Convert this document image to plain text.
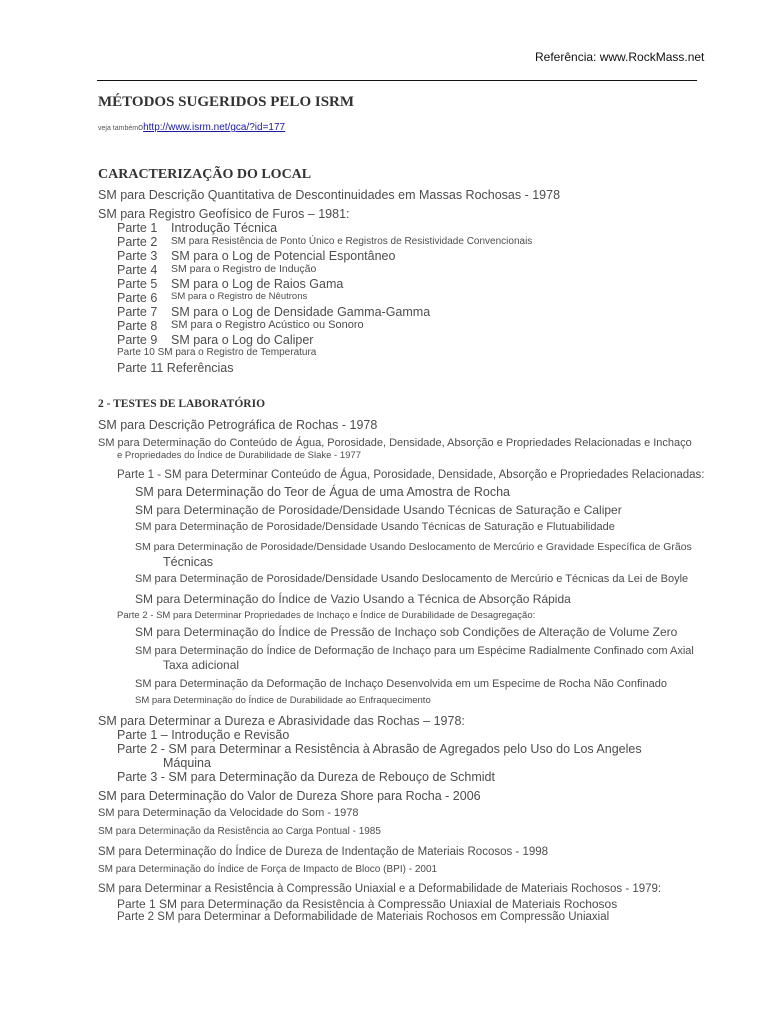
Referência: www.RockMass.net
MÉTODOS SUGERIDOS PELO ISRM
veja tambémohttp://www.isrm.net/gca/?id=177
CARACTERIZAÇÃO DO LOCAL
SM para Descrição Quantitativa de Descontinuidades em Massas Rochosas - 1978
SM para Registro Geofísico de Furos – 1981:
Parte 1 Introdução Técnica
Parte 2 SM para Resistência de Ponto Único e Registros de Resistividade Convencionais
Parte 3 SM para o Log de Potencial Espontâneo
Parte 4 SM para o Registro de Indução
Parte 5 SM para o Log de Raios Gama
Parte 6 SM para o Registro de Nêutrons
Parte 7 SM para o Log de Densidade Gamma-Gamma
Parte 8 SM para o Registro Acústico ou Sonoro
Parte 9 SM para o Log do Caliper
Parte 10 SM para o Registro de Temperatura
Parte 11 Referências
2 - TESTES DE LABORATÓRIO
SM para Descrição Petrográfica de Rochas - 1978
SM para Determinação do Conteúdo de Água, Porosidade, Densidade, Absorção e Propriedades Relacionadas e Inchaço
e Propriedades do Índice de Durabilidade de Slake - 1977
Parte 1 - SM para Determinar Conteúdo de Água, Porosidade, Densidade, Absorção e Propriedades Relacionadas:
SM para Determinação do Teor de Água de uma Amostra de Rocha
SM para Determinação de Porosidade/Densidade Usando Técnicas de Saturação e Caliper
SM para Determinação de Porosidade/Densidade Usando Técnicas de Saturação e Flutuabilidade
SM para Determinação de Porosidade/Densidade Usando Deslocamento de Mercúrio e Gravidade Específica de Grãos
Técnicas
SM para Determinação de Porosidade/Densidade Usando Deslocamento de Mercúrio e Técnicas da Lei de Boyle
SM para Determinação do Índice de Vazio Usando a Técnica de Absorção Rápida
Parte 2 - SM para Determinar Propriedades de Inchaço e Índice de Durabilidade de Desagregação:
SM para Determinação do Índice de Pressão de Inchaço sob Condições de Alteração de Volume Zero
SM para Determinação do Índice de Deformação de Inchaço para um Espécime Radialmente Confinado com Axial
Taxa adicional
SM para Determinação da Deformação de Inchaço Desenvolvida em um Especime de Rocha Não Confinado
SM para Determinação do Índice de Durabilidade ao Enfraquecimento
SM para Determinar a Dureza e Abrasividade das Rochas – 1978:
Parte 1 – Introdução e Revisão
Parte 2 - SM para Determinar a Resistência à Abrasão de Agregados pelo Uso do Los Angeles
Máquina
Parte 3 - SM para Determinação da Dureza de Rebouço de Schmidt
SM para Determinação do Valor de Dureza Shore para Rocha - 2006
SM para Determinação da Velocidade do Som - 1978
SM para Determinação da Resistência ao Carga Pontual - 1985
SM para Determinação do Índice de Dureza de Indentação de Materiais Rocosos - 1998
SM para Determinação do Índice de Força de Impacto de Bloco (BPI) - 2001
SM para Determinar a Resistência à Compressão Uniaxial e a Deformabilidade de Materiais Rochosos - 1979:
Parte 1 SM para Determinação da Resistência à Compressão Uniaxial de Materiais Rochosos
Parte 2 SM para Determinar a Deformabilidade de Materiais Rochosos em Compressão Uniaxial
